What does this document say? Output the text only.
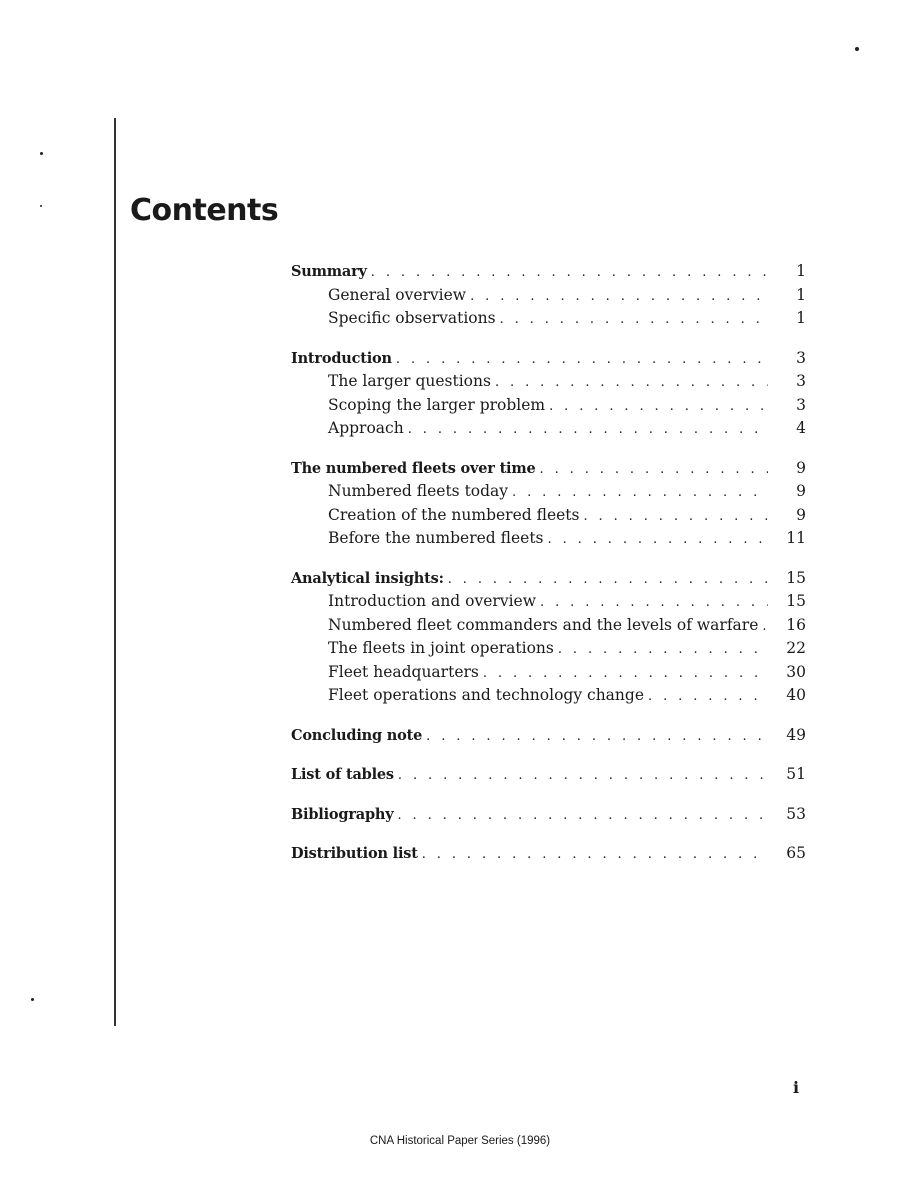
Contents
Summary . . .	1
General overview . . .	1
Specific observations . . .	1
Introduction . . .	3
The larger questions . . .	3
Scoping the larger problem . . .	3
Approach . . .	4
The numbered fleets over time . . .	9
Numbered fleets today . . .	9
Creation of the numbered fleets . . .	9
Before the numbered fleets . . .	11
Analytical insights: . . .	15
Introduction and overview . . .	15
Numbered fleet commanders and the levels of warfare . . . 16
The fleets in joint operations . . .	22
Fleet headquarters . . .	30
Fleet operations and technology change . . .	40
Concluding note . . .	49
List of tables . . .	51
Bibliography . . .	53
Distribution list . . .	65
i
CNA Historical Paper Series (1996)
